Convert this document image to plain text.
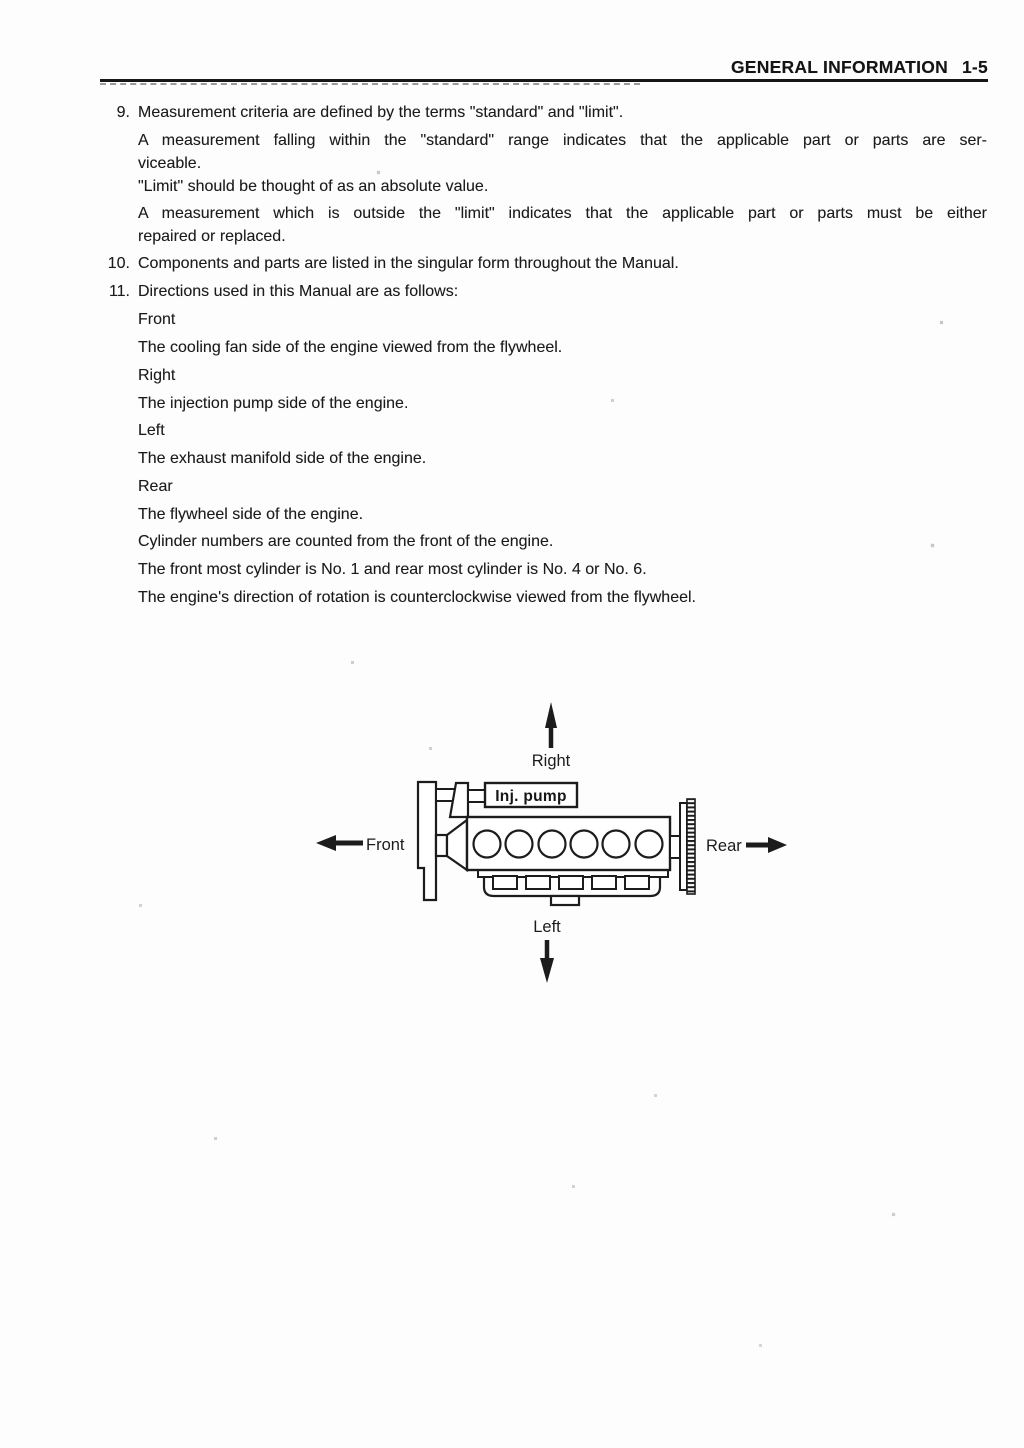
GENERAL INFORMATION 1-5
9. Measurement criteria are defined by the terms "standard" and "limit".
A measurement falling within the "standard" range indicates that the applicable part or parts are ser-
viceable.
"Limit" should be thought of as an absolute value.
A measurement which is outside the "limit" indicates that the applicable part or parts must be either
repaired or replaced.
10. Components and parts are listed in the singular form throughout the Manual.
11. Directions used in this Manual are as follows:
Front
The cooling fan side of the engine viewed from the flywheel.
Right
The injection pump side of the engine.
Left
The exhaust manifold side of the engine.
Rear
The flywheel side of the engine.
Cylinder numbers are counted from the front of the engine.
The front most cylinder is No. 1 and rear most cylinder is No. 4 or No. 6.
The engine's direction of rotation is counterclockwise viewed from the flywheel.
Right
Inj. pump
Front	Rear
Left
